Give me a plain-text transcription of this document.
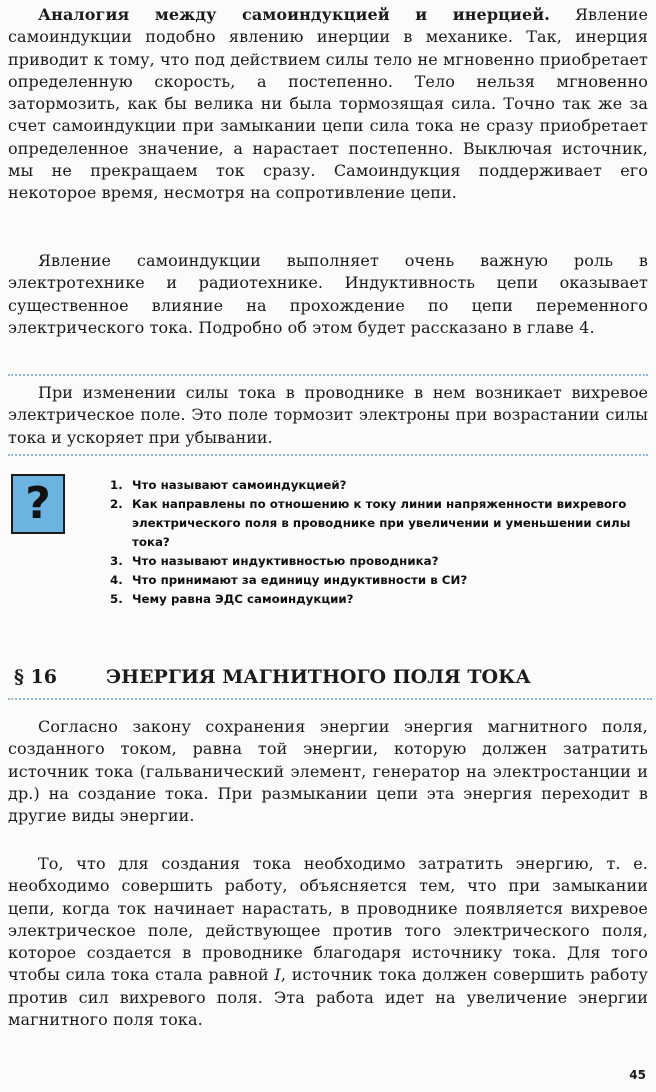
Аналогия между самоиндукцией и инерцией. Явление самоиндукции подобно явлению инерции в механике. Так, инерция приводит к тому, что под действием силы тело не мгновенно приобретает определенную скорость, а постепенно. Тело нельзя мгновенно затормозить, как бы велика ни была тормозящая сила. Точно так же за счет самоиндукции при замыкании цепи сила тока не сразу приобретает определенное значение, а нарастает постепенно. Выключая источник, мы не прекращаем ток сразу. Самоиндукция поддерживает его некоторое время, несмотря на сопротивление цепи.

Явление самоиндукции выполняет очень важную роль в электротехнике и радиотехнике. Индуктивность цепи оказывает существенное влияние на прохождение по цепи переменного электрического тока. Подробно об этом будет рассказано в главе 4.

При изменении силы тока в проводнике в нем возникает вихревое электрическое поле. Это поле тормозит электроны при возрастании силы тока и ускоряет при убывании.

?	1. Что называют самоиндукцией?
2. Как направлены по отношению к току линии напряженности вихревого электрического поля в проводнике при увеличении и уменьшении силы тока?
3. Что называют индуктивностью проводника?
4. Что принимают за единицу индуктивности в СИ?
5. Чему равна ЭДС самоиндукции?
§ 16	ЭНЕРГИЯ МАГНИТНОГО ПОЛЯ ТОКА

Согласно закону сохранения энергии энергия магнитного поля, созданного током, равна той энергии, которую должен затратить источник тока (гальванический элемент, генератор на электростанции и др.) на создание тока. При размыкании цепи эта энергия переходит в другие виды энергии.

То, что для создания тока необходимо затратить энергию, т. е. необходимо совершить работу, объясняется тем, что при замыкании цепи, когда ток начинает нарастать, в проводнике появляется вихревое электрическое поле, действующее против того электрического поля, которое создается в проводнике благодаря источнику тока. Для того чтобы сила тока стала равной I, источник тока должен совершить работу против сил вихревого поля. Эта работа идет на увеличение энергии магнитного поля тока.

45
